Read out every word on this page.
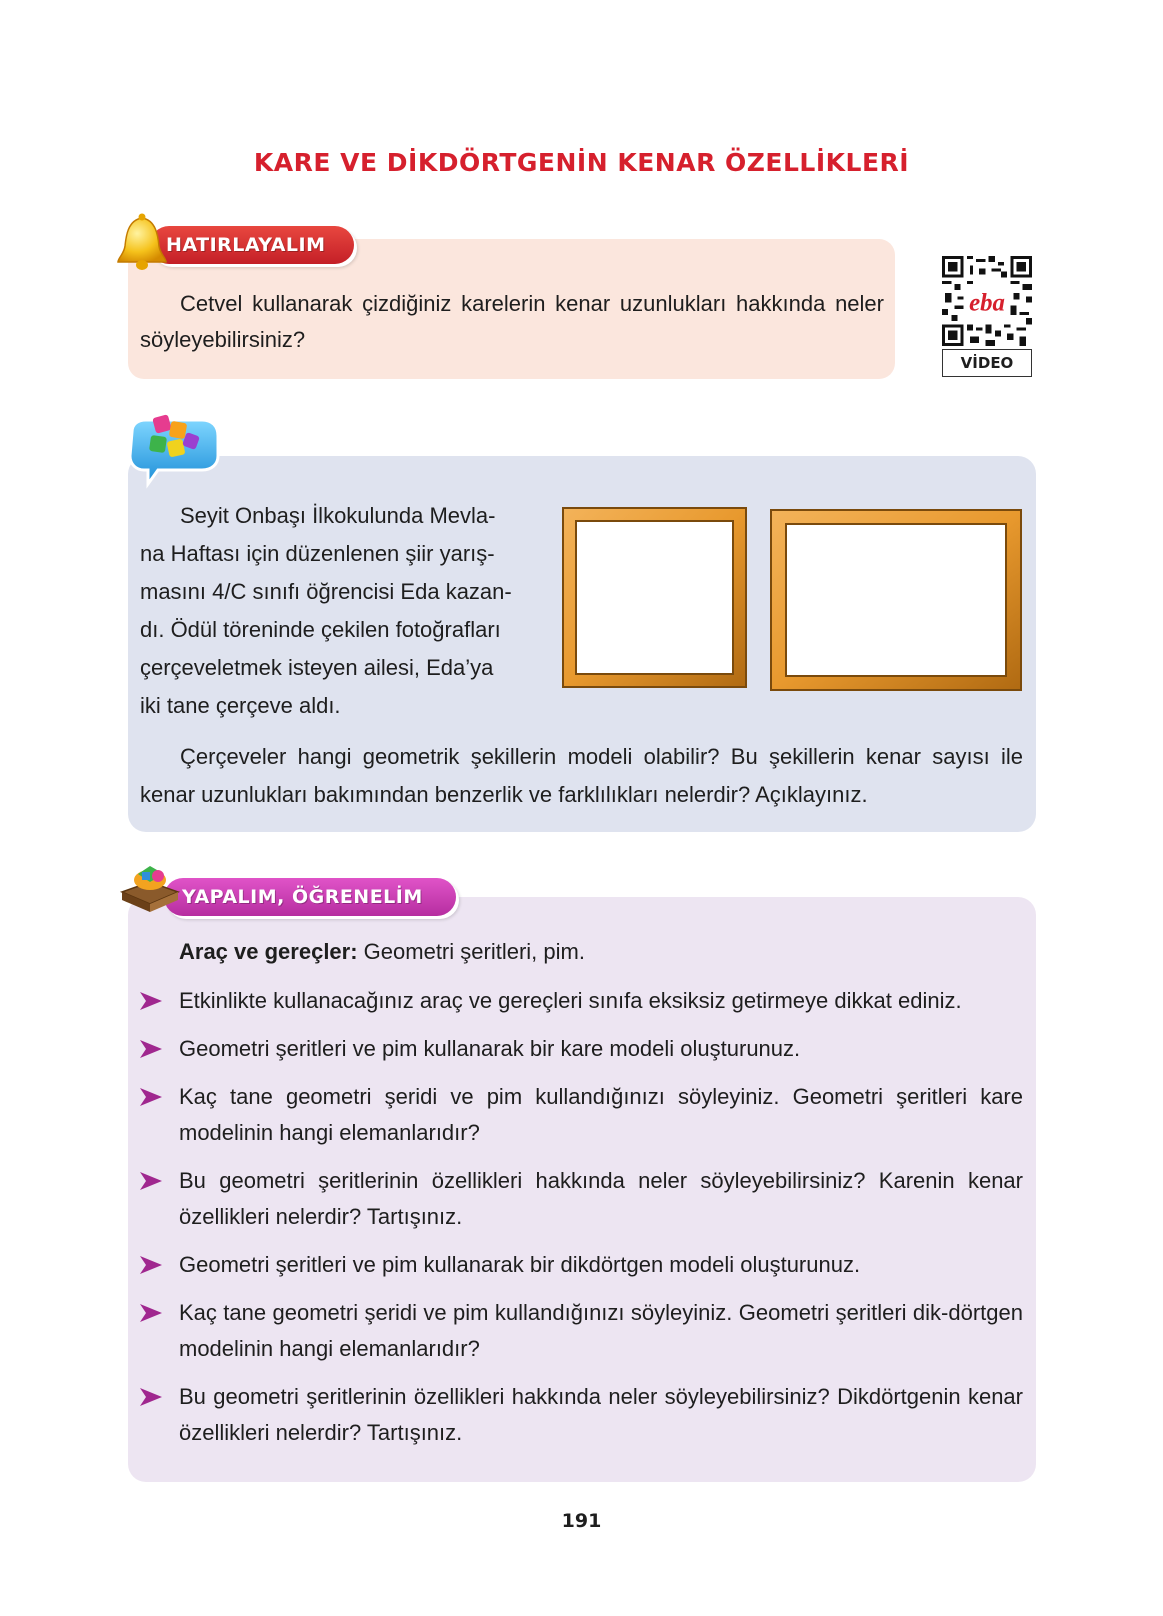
KARE VE DİKDÖRTGENİN KENAR ÖZELLİKLERİ
HATIRLAYALIM

Cetvel kullanarak çizdiğiniz karelerin kenar uzunlukları hakkında neler söyleyebilirsiniz?

eba
VİDEO

Seyit Onbaşı İlkokulunda Mevla-
na Haftası için düzenlenen şiir yarış-
masını 4/C sınıfı öğrencisi Eda kazan-
dı. Ödül töreninde çekilen fotoğrafları
çerçeveletmek isteyen ailesi, Eda’ya
iki tane çerçeve aldı.

Çerçeveler hangi geometrik şekillerin modeli olabilir? Bu şekillerin kenar sayısı ile kenar uzunlukları bakımından benzerlik ve farklılıkları nelerdir? Açıklayınız.

YAPALIM, ÖĞRENELİM
Araç ve gereçler: Geometri şeritleri, pim.
Etkinlikte kullanacağınız araç ve gereçleri sınıfa eksiksiz getirmeye dikkat ediniz.
Geometri şeritleri ve pim kullanarak bir kare modeli oluşturunuz.
Kaç tane geometri şeridi ve pim kullandığınızı söyleyiniz. Geometri şeritleri kare modelinin hangi elemanlarıdır?
Bu geometri şeritlerinin özellikleri hakkında neler söyleyebilirsiniz? Karenin kenar özellikleri nelerdir? Tartışınız.
Geometri şeritleri ve pim kullanarak bir dikdörtgen modeli oluşturunuz.
Kaç tane geometri şeridi ve pim kullandığınızı söyleyiniz. Geometri şeritleri dik-dörtgen modelinin hangi elemanlarıdır?
Bu geometri şeritlerinin özellikleri hakkında neler söyleyebilirsiniz? Dikdörtgenin kenar özellikleri nelerdir? Tartışınız.
191
